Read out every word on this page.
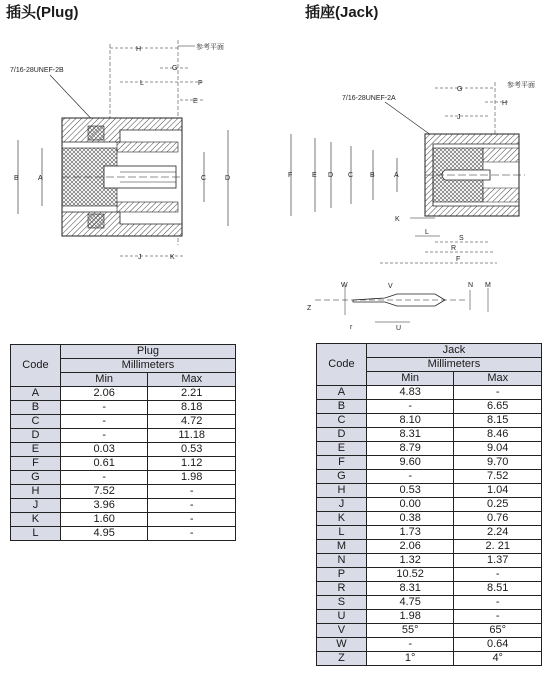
插头(Plug)	插座(Jack)
7/16-28UNEF-2B
参考平面
H
G
F
L
E
B	A	C	D
J	K
参考平面
7/16-28UNEF-2A
G
H
J
F	E D C B	A
K
L
S
R
F
W
Z
V	N M
r	U
Code	Plug	
	Millimeters	
	Min	Max
A	2.06	2.21
B	-	8.18
C	-	4.72
D	-	11.18
E	0.03	0.53
F	0.61	1.12
G	-	1.98
H	7.52	-
J	3.96	-
K	1.60	-
L	4.95	-
Code	Jack	
	Millimeters	
	Min	Max
A	4.83	-
B	-	6.65
C	8.10	8.15
D	8.31	8.46
E	8.79	9.04
F	9.60	9.70
G	-	7.52
H	0.53	1.04
J	0.00	0.25
K	0.38	0.76
L	1.73	2.24
M	2.06	2. 21
N	1.32	1.37
P	10.52	-
R	8.31	8.51
S	4.75	-
U	1.98	-
V	55°	65°
W	-	0.64
Z	1°	4°
